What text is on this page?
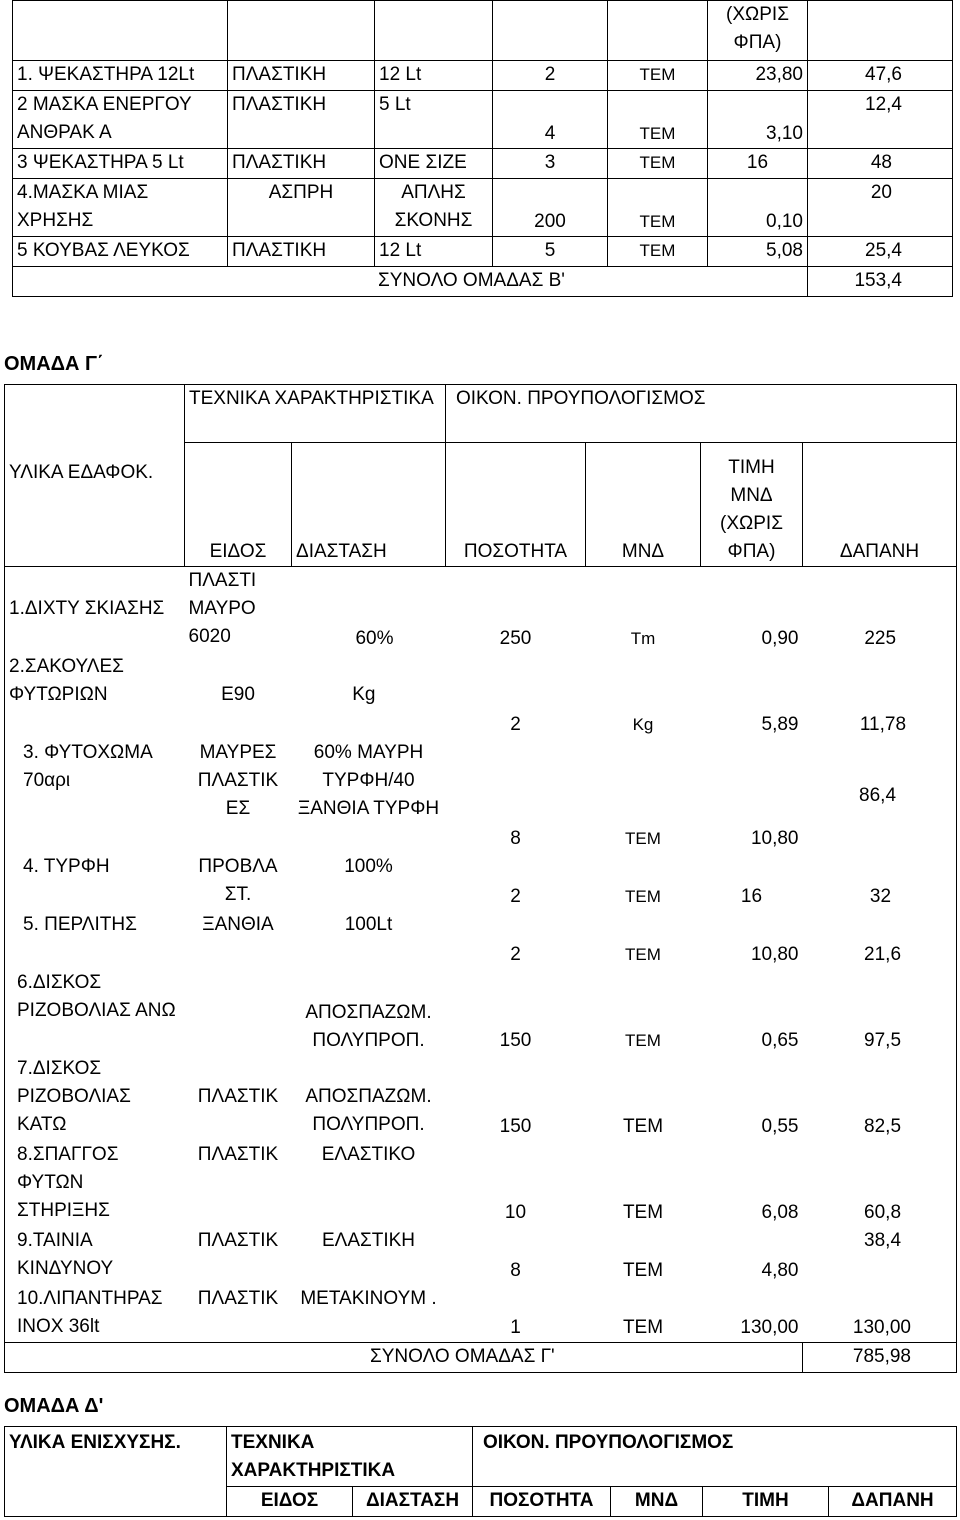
					(ΧΩΡΙΣ
ΦΠΑ)	

1. ΨΕΚΑΣΤΗΡΑ 12Lt	ΠΛΑΣΤΙΚΗ	12 Lt	2	ΤΕΜ	23,80	47,6
2 ΜΑΣΚΑ ΕΝΕΡΓΟΥ ΑΝΘΡΑΚ Α	ΠΛΑΣΤΙΚΗ	5 Lt	4	ΤΕΜ	3,10	12,4
3 ΨΕΚΑΣΤΗΡΑ 5 Lt	ΠΛΑΣΤΙΚΗ	ΟΝΕ ΣΙΖΕ	3	ΤΕΜ	16	48
4.ΜΑΣΚΑ ΜΙΑΣ ΧΡΗΣΗΣ	ΑΣΠΡΗ	ΑΠΛΗΣ ΣΚΟΝΗΣ	200	ΤΕΜ	0,10	20
5 ΚΟΥΒΑΣ ΛΕΥΚΟΣ	ΠΛΑΣΤΙΚΗ	12 Lt	5	ΤΕΜ	5,08	25,4
ΣΥΝΟΛΟ ΟΜΑΔΑΣ Β'						153,4
ΟΜΑΔΑ Γ΄
	ΤΕΧΝΙΚΑ ΧΑΡΑΚΤΗΡΙΣΤΙΚΑ		ΟΙΚΟΝ. ΠΡΟΥΠΟΛΟΓΙΣΜΟΣ			
ΥΛΙΚΑ ΕΔΑΦΟΚ.	ΕΙΔΟΣ	ΔΙΑΣΤΑΣΗ	ΠΟΣΟΤΗΤΑ	ΜΝΔ	ΤΙΜΗ ΜΝΔ (ΧΩΡΙΣ ΦΠΑ)	ΔΑΠΑΝΗ
1.ΔΙΧΤΥ ΣΚΙΑΣΗΣ	ΠΛΑΣΤΙ ΜΑΥΡΟ 6020	60%	250	Tm	0,90	225
2.ΣΑΚΟΥΛΕΣ ΦΥΤΩΡΙΩΝ	Ε90	Kg	2	Kg	5,89	11,78
3. ΦΥΤΟΧΩΜΑ 70αρι	ΜΑΥΡΕΣ ΠΛΑΣΤΙΚ ΕΣ	60% ΜΑΥΡΗ ΤΥΡΦΗ/40 ΞΑΝΘΙΑ ΤΥΡΦΗ	8	ΤΕΜ	10,80	86,4
4. ΤΥΡΦΗ	ΠΡΟΒΛΑ ΣΤ.	100%	2	ΤΕΜ	16	32
5. ΠΕΡΛΙΤΗΣ	ΞΑΝΘΙΑ	100Lt	2	ΤΕΜ	10,80	21,6
6.ΔΙΣΚΟΣ ΡΙΖΟΒΟΛΙΑΣ ΑΝΩ		ΑΠΟΣΠΑΖΩΜ. ΠΟΛΥΠΡΟΠ.	150	ΤΕΜ	0,65	97,5
7.ΔΙΣΚΟΣ ΡΙΖΟΒΟΛΙΑΣ ΚΑΤΩ	ΠΛΑΣΤΙΚ	ΑΠΟΣΠΑΖΩΜ. ΠΟΛΥΠΡΟΠ.	150	ΤΕΜ	0,55	82,5
8.ΣΠΑΓΓΟΣ ΦΥΤΩΝ ΣΤΗΡΙΞΗΣ	ΠΛΑΣΤΙΚ	ΕΛΑΣΤΙΚΟ	10	ΤΕΜ	6,08	60,8
9.ΤΑΙΝΙΑ ΚΙΝΔΥΝΟΥ	ΠΛΑΣΤΙΚ	ΕΛΑΣΤΙΚΗ	8	ΤΕΜ	4,80	38,4
10.ΛΙΠΑΝΤΗΡΑΣ INOX 36lt	ΠΛΑΣΤΙΚ	ΜΕΤΑΚΙΝΟΥΜ .	1	ΤΕΜ	130,00	130,00
ΣΥΝΟΛΟ ΟΜΑΔΑΣ Γ'						785,98
ΟΜΑΔΑ Δ'
ΥΛΙΚΑ ΕΝΙΣΧΥΣΗΣ.	ΤΕΧΝΙΚΑ ΧΑΡΑΚΤΗΡΙΣΤΙΚΑ		ΟΙΚΟΝ. ΠΡΟΥΠΟΛΟΓΙΣΜΟΣ			
	ΕΙΔΟΣ	ΔΙΑΣΤΑΣΗ	ΠΟΣΟΤΗΤΑ	ΜΝΔ	ΤΙΜΗ	ΔΑΠΑΝΗ
